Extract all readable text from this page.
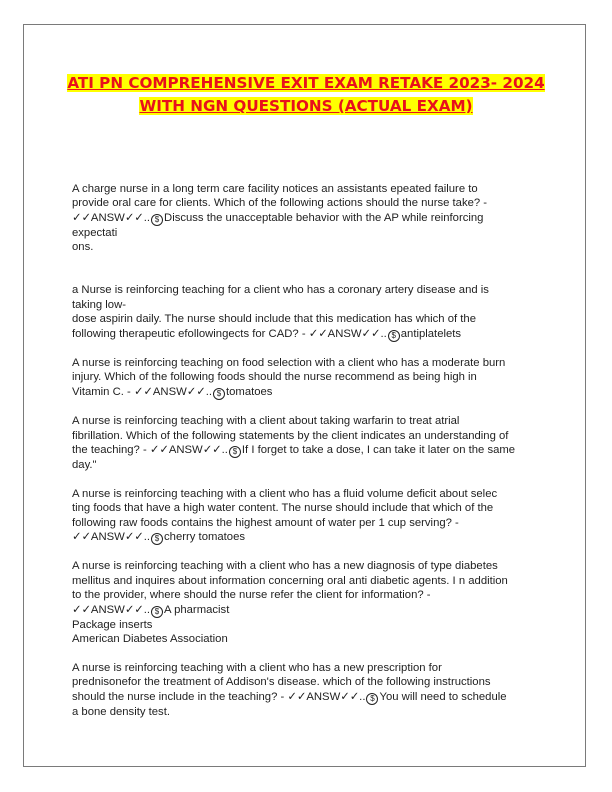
ATI PN COMPREHENSIVE EXIT EXAM RETAKE 2023- 2024
WITH NGN QUESTIONS (ACTUAL EXAM)
A charge nurse in a long term care facility notices an assistants epeated failure to
provide oral care for clients. Which of the following actions should the nurse take? -
✓✓ANSW✓✓.. $ Discuss the unacceptable behavior with the AP while reinforcing
expectati
ons.
a Nurse is reinforcing teaching for a client who has a coronary artery disease and is
taking low-
dose aspirin daily. The nurse should include that this medication has which of the
following therapeutic efollowingects for CAD? - ✓✓ANSW✓✓.. $ antiplatelets
A nurse is reinforcing teaching on food selection with a client who has a moderate burn
injury. Which of the following foods should the nurse recommend as being high in
Vitamin C. - ✓✓ANSW✓✓.. $ tomatoes
A nurse is reinforcing teaching with a client about taking warfarin to treat atrial
fibrillation. Which of the following statements by the client indicates an understanding of
the teaching? - ✓✓ANSW✓✓.. $ If I forget to take a dose, I can take it later on the same
day."
A nurse is reinforcing teaching with a client who has a fluid volume deficit about selec
ting foods that have a high water content. The nurse should include that which of the
following raw foods contains the highest amount of water per 1 cup serving? -
✓✓ANSW✓✓.. $ cherry tomatoes
A nurse is reinforcing teaching with a client who has a new diagnosis of type diabetes
mellitus and inquires about information concerning oral anti diabetic agents. I n addition
to the provider, where should the nurse refer the client for information? -
✓✓ANSW✓✓.. $ A pharmacist
Package inserts
American Diabetes Association
A nurse is reinforcing teaching with a client who has a new prescription for
prednisonefor the treatment of Addison's disease. which of the following instructions
should the nurse include in the teaching? - ✓✓ANSW✓✓.. $ You will need to schedule
a bone density test.
